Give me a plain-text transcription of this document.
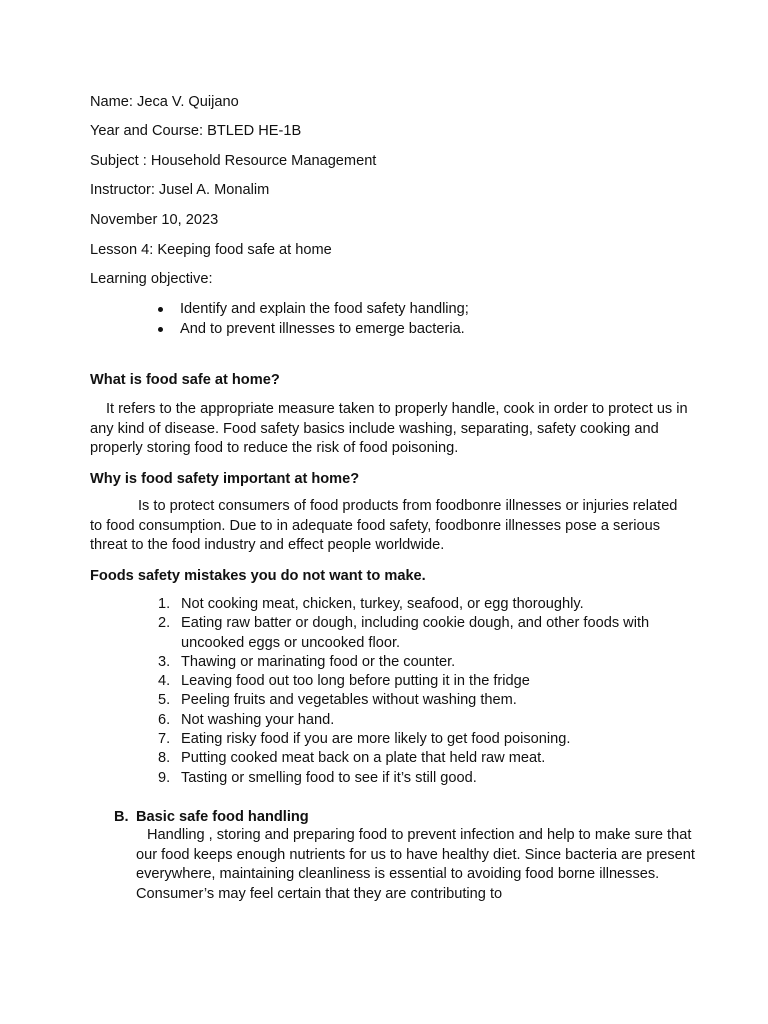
Name: Jeca V. Quijano

Year and Course: BTLED HE-1B

Subject : Household Resource Management

Instructor: Jusel A. Monalim

November 10, 2023

Lesson 4: Keeping food safe at home

Learning objective:

Identify and explain the food safety handling;
And to prevent illnesses to emerge bacteria.

What is food safe at home?

It refers to the appropriate measure taken to properly handle, cook in order to protect us in any kind of disease. Food safety basics include washing, separating, safety cooking and properly storing food to reduce the risk of food poisoning.

Why is food safety important at home?

Is to protect consumers of food products from foodbonre illnesses or injuries related to food consumption. Due to in adequate food safety, foodbonre illnesses pose a serious threat to the food industry and effect people worldwide.

Foods safety mistakes you do not want to make.

1. Not cooking meat, chicken, turkey, seafood, or egg thoroughly.
2. Eating raw batter or dough, including cookie dough, and other foods with uncooked eggs or uncooked floor.
3. Thawing or marinating food or the counter.
4. Leaving food out too long before putting it in the fridge
5. Peeling fruits and vegetables without washing them.
6. Not washing your hand.
7. Eating risky food if you are more likely to get food poisoning.
8. Putting cooked meat back on a plate that held raw meat.
9. Tasting or smelling food to see if it’s still good.

B. Basic safe food handling

Handling , storing and preparing food to prevent infection and help to make sure that our food keeps enough nutrients for us to have healthy diet. Since bacteria are present everywhere, maintaining cleanliness is essential to avoiding food borne illnesses. Consumer’s may feel certain that they are contributing to
